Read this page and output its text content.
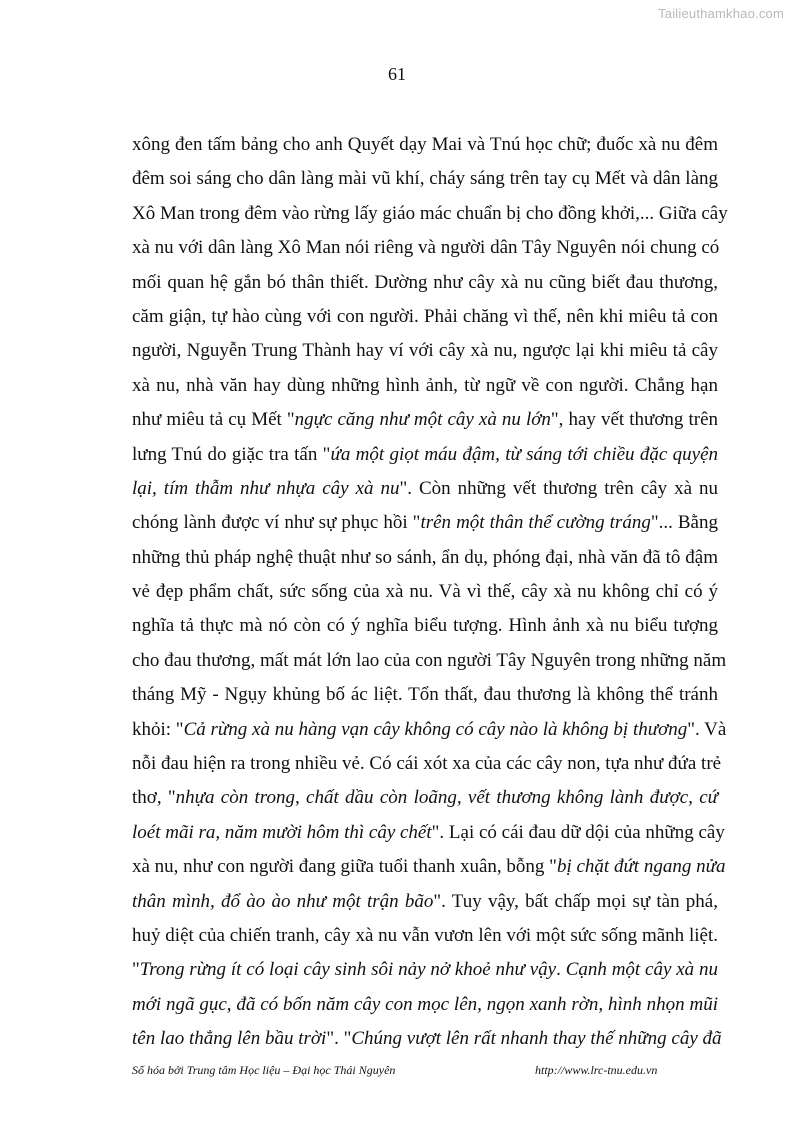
Tailieuthamkhao.com
61
xông đen tấm bảng cho anh Quyết dạy Mai và Tnú học chữ; đuốc xà nu đêm
đêm soi sáng cho dân làng mài vũ khí, cháy sáng trên tay cụ Mết và dân làng
Xô Man trong đêm vào rừng lấy giáo mác chuẩn bị cho đồng khởi,... Giữa cây
xà nu với dân làng Xô Man nói riêng và người dân Tây Nguyên nói chung có
mối quan hệ gắn bó thân thiết. Dường như cây xà nu cũng biết đau thương,
căm giận, tự hào cùng với con người. Phải chăng vì thế, nên khi miêu tả con
người, Nguyễn Trung Thành hay ví với cây xà nu, ngược lại khi miêu tả cây
xà nu, nhà văn hay dùng những hình ảnh, từ ngữ về con người. Chẳng hạn
như miêu tả cụ Mết "ngực căng như một cây xà nu lớn", hay vết thương trên
lưng Tnú do giặc tra tấn "ứa một giọt máu đậm, từ sáng tới chiều đặc quyện
lại, tím thẫm như nhựa cây xà nu". Còn những vết thương trên cây xà nu
chóng lành được ví như sự phục hồi "trên một thân thể cường tráng"... Bằng
những thủ pháp nghệ thuật như so sánh, ẩn dụ, phóng đại, nhà văn đã tô đậm
vẻ đẹp phẩm chất, sức sống của xà nu. Và vì thế, cây xà nu không chỉ có ý
nghĩa tả thực mà nó còn có ý nghĩa biểu tượng. Hình ảnh xà nu biểu tượng
cho đau thương, mất mát lớn lao của con người Tây Nguyên trong những năm
tháng Mỹ - Ngụy khủng bố ác liệt. Tổn thất, đau thương là không thể tránh
khỏi: "Cả rừng xà nu hàng vạn cây không có cây nào là không bị thương". Và
nỗi đau hiện ra trong nhiều vẻ. Có cái xót xa của các cây non, tựa như đứa trẻ
thơ, "nhựa còn trong, chất dầu còn loãng, vết thương không lành được, cứ
loét mãi ra, năm mười hôm thì cây chết". Lại có cái đau dữ dội của những cây
xà nu, như con người đang giữa tuổi thanh xuân, bỗng "bị chặt đứt ngang nửa
thân mình, đổ ào ào như một trận bão". Tuy vậy, bất chấp mọi sự tàn phá,
huỷ diệt của chiến tranh, cây xà nu vẫn vươn lên với một sức sống mãnh liệt.
"Trong rừng ít có loại cây sinh sôi nảy nở khoẻ như vậy. Cạnh một cây xà nu
mới ngã gục, đã có bốn năm cây con mọc lên, ngọn xanh rờn, hình nhọn mũi
tên lao thẳng lên bầu trời". "Chúng vượt lên rất nhanh thay thế những cây đã
Số hóa bởi Trung tâm Học liệu – Đại học Thái Nguyên	http://www.lrc-tnu.edu.vn
